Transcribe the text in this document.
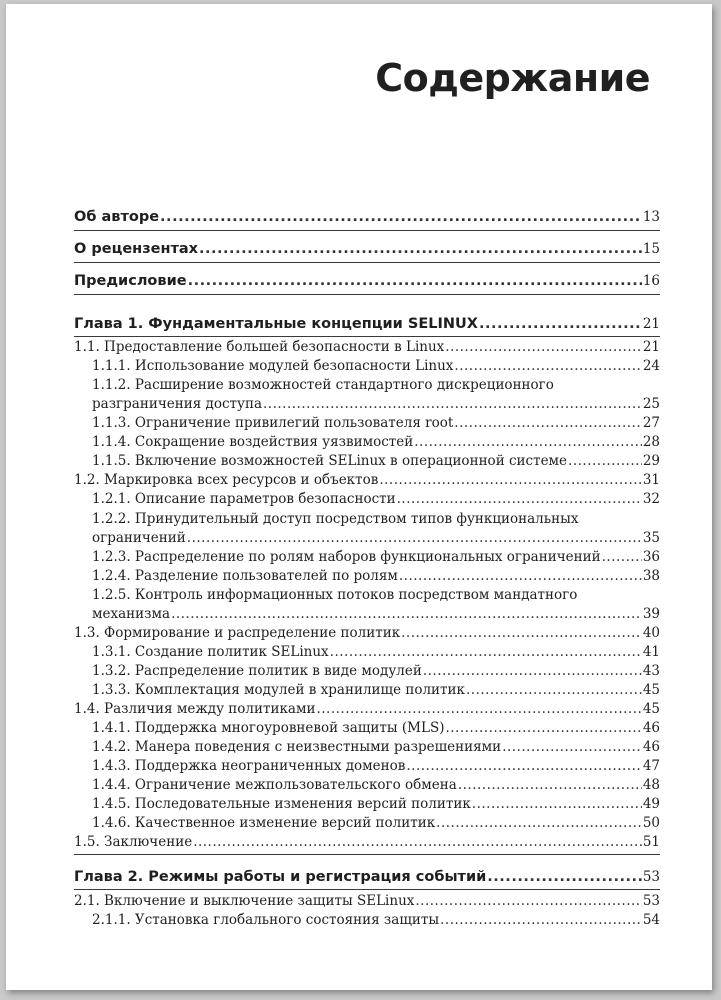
Содержание
Об авторе .....	13
О рецензентах .....	15
Предисловие .....	16
Глава 1. Фундаментальные концепции SELINUX .....	21
1.1. Предоставление большей безопасности в Linux .....	21
1.1.1. Использование модулей безопасности Linux .....	24
1.1.2. Расширение возможностей стандартного дискреционного
разграничения доступа .....	25
1.1.3. Ограничение привилегий пользователя root .....	27
1.1.4. Сокращение воздействия уязвимостей .....	28
1.1.5. Включение возможностей SELinux в операционной системе .....	29
1.2. Маркировка всех ресурсов и объектов .....	31
1.2.1. Описание параметров безопасности .....	32
1.2.2. Принудительный доступ посредством типов функциональных
ограничений .....	35
1.2.3. Распределение по ролям наборов функциональных ограничений .....	36
1.2.4. Разделение пользователей по ролям .....	38
1.2.5. Контроль информационных потоков посредством мандатного
механизма .....	39
1.3. Формирование и распределение политик .....	40
1.3.1. Создание политик SELinux .....	41
1.3.2. Распределение политик в виде модулей .....	43
1.3.3. Комплектация модулей в хранилище политик .....	45
1.4. Различия между политиками .....	45
1.4.1. Поддержка многоуровневой защиты (MLS) .....	46
1.4.2. Манера поведения с неизвестными разрешениями .....	46
1.4.3. Поддержка неограниченных доменов .....	47
1.4.4. Ограничение межпользовательского обмена .....	48
1.4.5. Последовательные изменения версий политик .....	49
1.4.6. Качественное изменение версий политик .....	50
1.5. Заключение .....	51
Глава 2. Режимы работы и регистрация событий .....	53
2.1. Включение и выключение защиты SELinux .....	53
2.1.1. Установка глобального состояния защиты .....	54
